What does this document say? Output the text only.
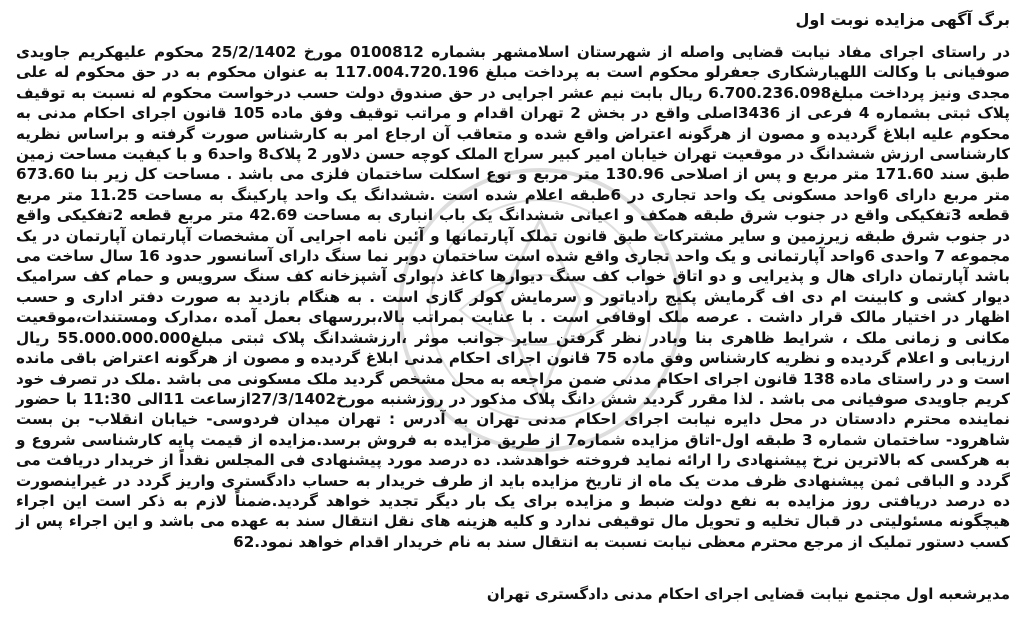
برگ آگهی مزایده نوبت اول

در راستای اجرای مفاد نیابت قضایی واصله از شهرستان اسلامشهر بشماره 0100812 مورخ 25/2/1402 محکوم علیهکریم جاویدی صوفیانی با وکالت اللهیارشکاری جعفرلو محکوم است به پرداخت مبلغ 117.004.720.196 به عنوان محکوم به در حق محکوم له علی مجدی ونیز پرداخت مبلغ6.700.236.098 ریال بابت نیم عشر اجرایی در حق صندوق دولت حسب درخواست محکوم له نسبت به توقیف پلاک ثبتی بشماره 4 فرعی از 3436اصلی واقع در بخش 2 تهران اقدام و مراتب توقیف وفق ماده 105 قانون اجرای احکام مدنی به محکوم علیه ابلاغ گردیده و مصون از هرگونه اعتراض واقع شده و متعاقب آن ارجاع امر به کارشناس صورت گرفته و براساس نظریه کارشناسی ارزش ششدانگ در موقعیت تهران خیابان امیر کبیر سراج الملک کوچه حسن دلاور 2 پلاک8 واحد6 و با کیفیت مساحت زمین طبق سند 171.60 متر مربع و پس از اصلاحی 130.96 متر مربع و نوع اسکلت ساختمان فلزی می باشد . مساحت کل زیر بنا 673.60 متر مربع دارای 6واحد مسکونی یک واحد تجاری در 6طبقه اعلام شده است .ششدانگ یک واحد پارکینگ به مساحت 11.25 متر مربع قطعه 3تفکیکی واقع در جنوب شرق طبقه همکف و اعیانی ششدانگ یک باب انباری به مساحت 42.69 متر مربع قطعه 2تفکیکی واقع در جنوب شرق طبقه زیرزمین و سایر مشترکات طبق قانون تملک آپارتمانها و آئین نامه اجرایی آن مشخصات آپارتمان آپارتمان در یک مجموعه 7 واحدی 6واحد آپارتمانی و یک واحد تجاری واقع شده است ساختمان دوبر نما سنگ دارای آسانسور حدود 16 سال ساخت می باشد آپارتمان دارای هال و پذیرایی و دو اتاق خواب کف سنگ دیوارها کاغذ دیواری آشپزخانه کف سنگ سرویس و حمام کف سرامیک دیوار کشی و کابینت ام دی اف گرمایش پکیج رادیاتور و سرمایش کولر گازی است . به هنگام بازدید به صورت دفتر اداری و حسب اظهار در اختیار مالک قرار داشت . عرصه ملک اوقافی است . با عنایت بمراتب بالا،بررسهای بعمل آمده ،مدارک ومستندات،موقعیت مکانی و زمانی ملک ، شرایط ظاهری بنا وبادر نظر گرفتن سایر جوانب موثر ،ارزششدانگ پلاک ثبتی مبلغ55.000.000.000 ریال ارزیابی و اعلام گردیده و نظریه کارشناس وفق ماده 75 قانون اجرای احکام مدنی ابلاغ گردیده و مصون از هرگونه اعتراض باقی مانده است و در راستای ماده 138 قانون اجرای احکام مدنی ضمن مراجعه به محل مشخص گردید ملک مسکونی می باشد .ملک در تصرف خود کریم جاویدی صوفیانی می باشد . لذا مقرر گردید شش دانگ پلاک مذکور در روزشنبه مورخ27/3/1402ازساعت 11الی 11:30 با حضور نماینده محترم دادستان در محل دایره نیابت اجرای احکام مدنی تهران به آدرس : تهران میدان فردوسی- خیابان انقلاب- بن بست شاهرود- ساختمان شماره 3 طبقه اول-اتاق مزایده شماره7 از طریق مزایده به فروش برسد.مزایده از قیمت پایه کارشناسی شروع و به هرکسی که بالاترین نرخ پیشنهادی را ارائه نماید فروخته خواهدشد. ده درصد مورد پیشنهادی فی المجلس نقداً از خریدار دریافت می گردد و الباقی ثمن پیشنهادی ظرف مدت یک ماه از تاریخ مزایده باید از طرف خریدار به حساب دادگستری واریز گردد در غیراینصورت ده درصد دریافتی روز مزایده به نفع دولت ضبط و مزایده برای یک بار دیگر تجدید خواهد گردید.ضمناً لازم به ذکر است این اجراء هیچگونه مسئولیتی در قبال تخلیه و تحویل مال توقیفی ندارد و کلیه هزینه های نقل انتقال سند به عهده می باشد و این اجراء پس از کسب دستور تملیک از مرجع محترم معظی نیابت نسبت به انتقال سند به نام خریدار اقدام خواهد نمود.62

مدیرشعبه اول مجتمع نیابت قضایی اجرای احکام مدنی دادگستری تهران
